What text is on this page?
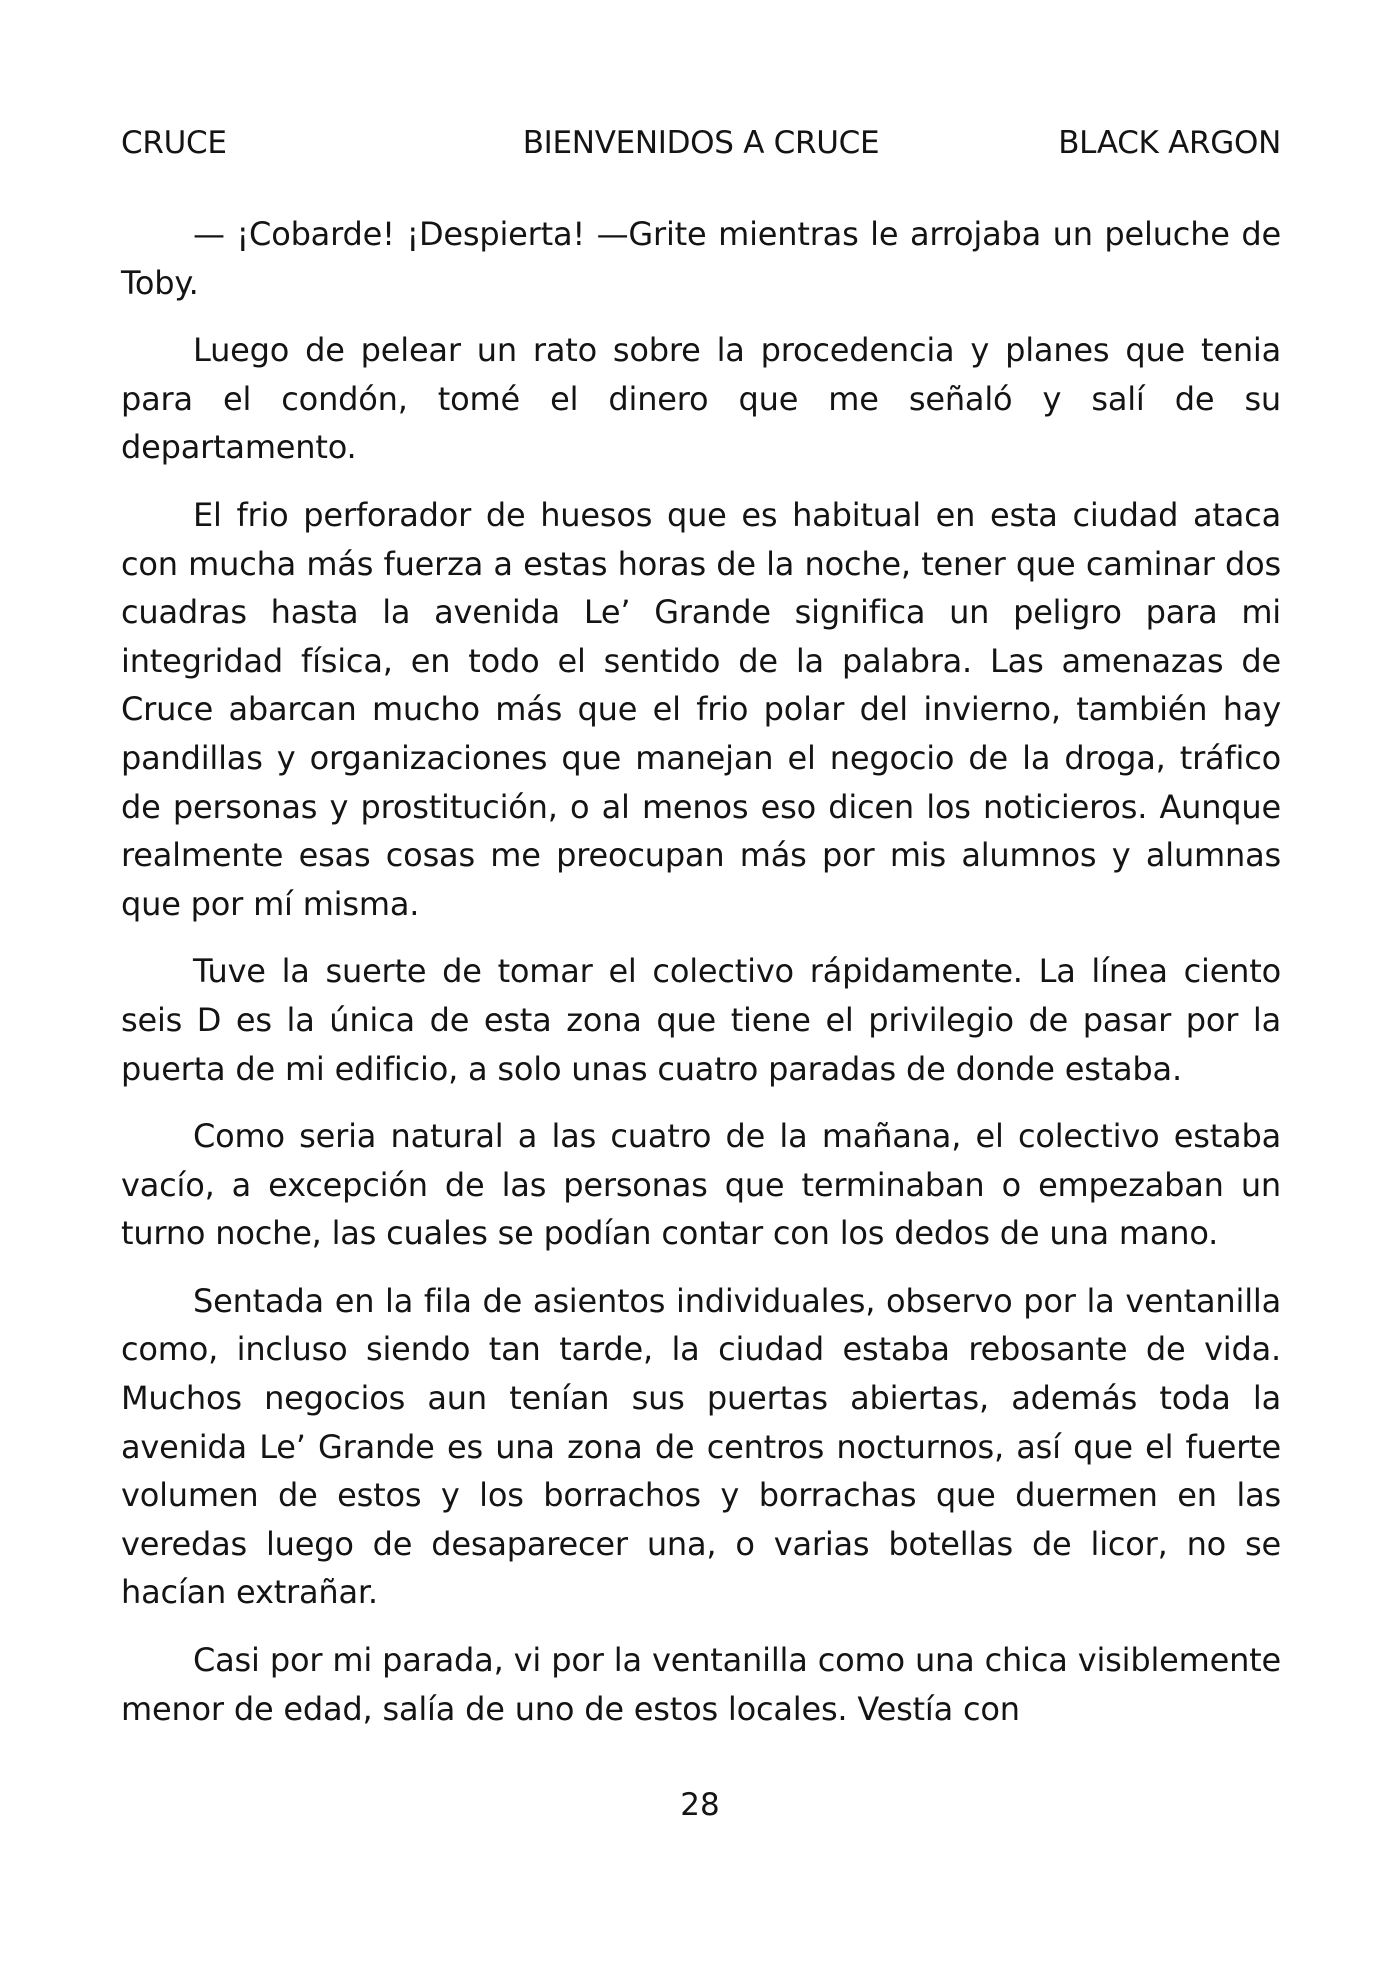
CRUCE	BIENVENIDOS A CRUCE	BLACK ARGON

— ¡Cobarde! ¡Despierta! —Grite mientras le arrojaba un peluche de Toby.

Luego de pelear un rato sobre la procedencia y planes que tenia para el condón, tomé el dinero que me señaló y salí de su departamento.

El frio perforador de huesos que es habitual en esta ciudad ataca con mucha más fuerza a estas horas de la noche, tener que caminar dos cuadras hasta la avenida Le’ Grande significa un peligro para mi integridad física, en todo el sentido de la palabra. Las amenazas de Cruce abarcan mucho más que el frio polar del invierno, también hay pandillas y organizaciones que manejan el negocio de la droga, tráfico de personas y prostitución, o al menos eso dicen los noticieros. Aunque realmente esas cosas me preocupan más por mis alumnos y alumnas que por mí misma.

Tuve la suerte de tomar el colectivo rápidamente. La línea ciento seis D es la única de esta zona que tiene el privilegio de pasar por la puerta de mi edificio, a solo unas cuatro paradas de donde estaba.

Como seria natural a las cuatro de la mañana, el colectivo estaba vacío, a excepción de las personas que terminaban o empezaban un turno noche, las cuales se podían contar con los dedos de una mano.

Sentada en la fila de asientos individuales, observo por la ventanilla como, incluso siendo tan tarde, la ciudad estaba rebosante de vida. Muchos negocios aun tenían sus puertas abiertas, además toda la avenida Le’ Grande es una zona de centros nocturnos, así que el fuerte volumen de estos y los borrachos y borrachas que duermen en las veredas luego de desaparecer una, o varias botellas de licor, no se hacían extrañar.

Casi por mi parada, vi por la ventanilla como una chica visiblemente menor de edad, salía de uno de estos locales. Vestía con

28
